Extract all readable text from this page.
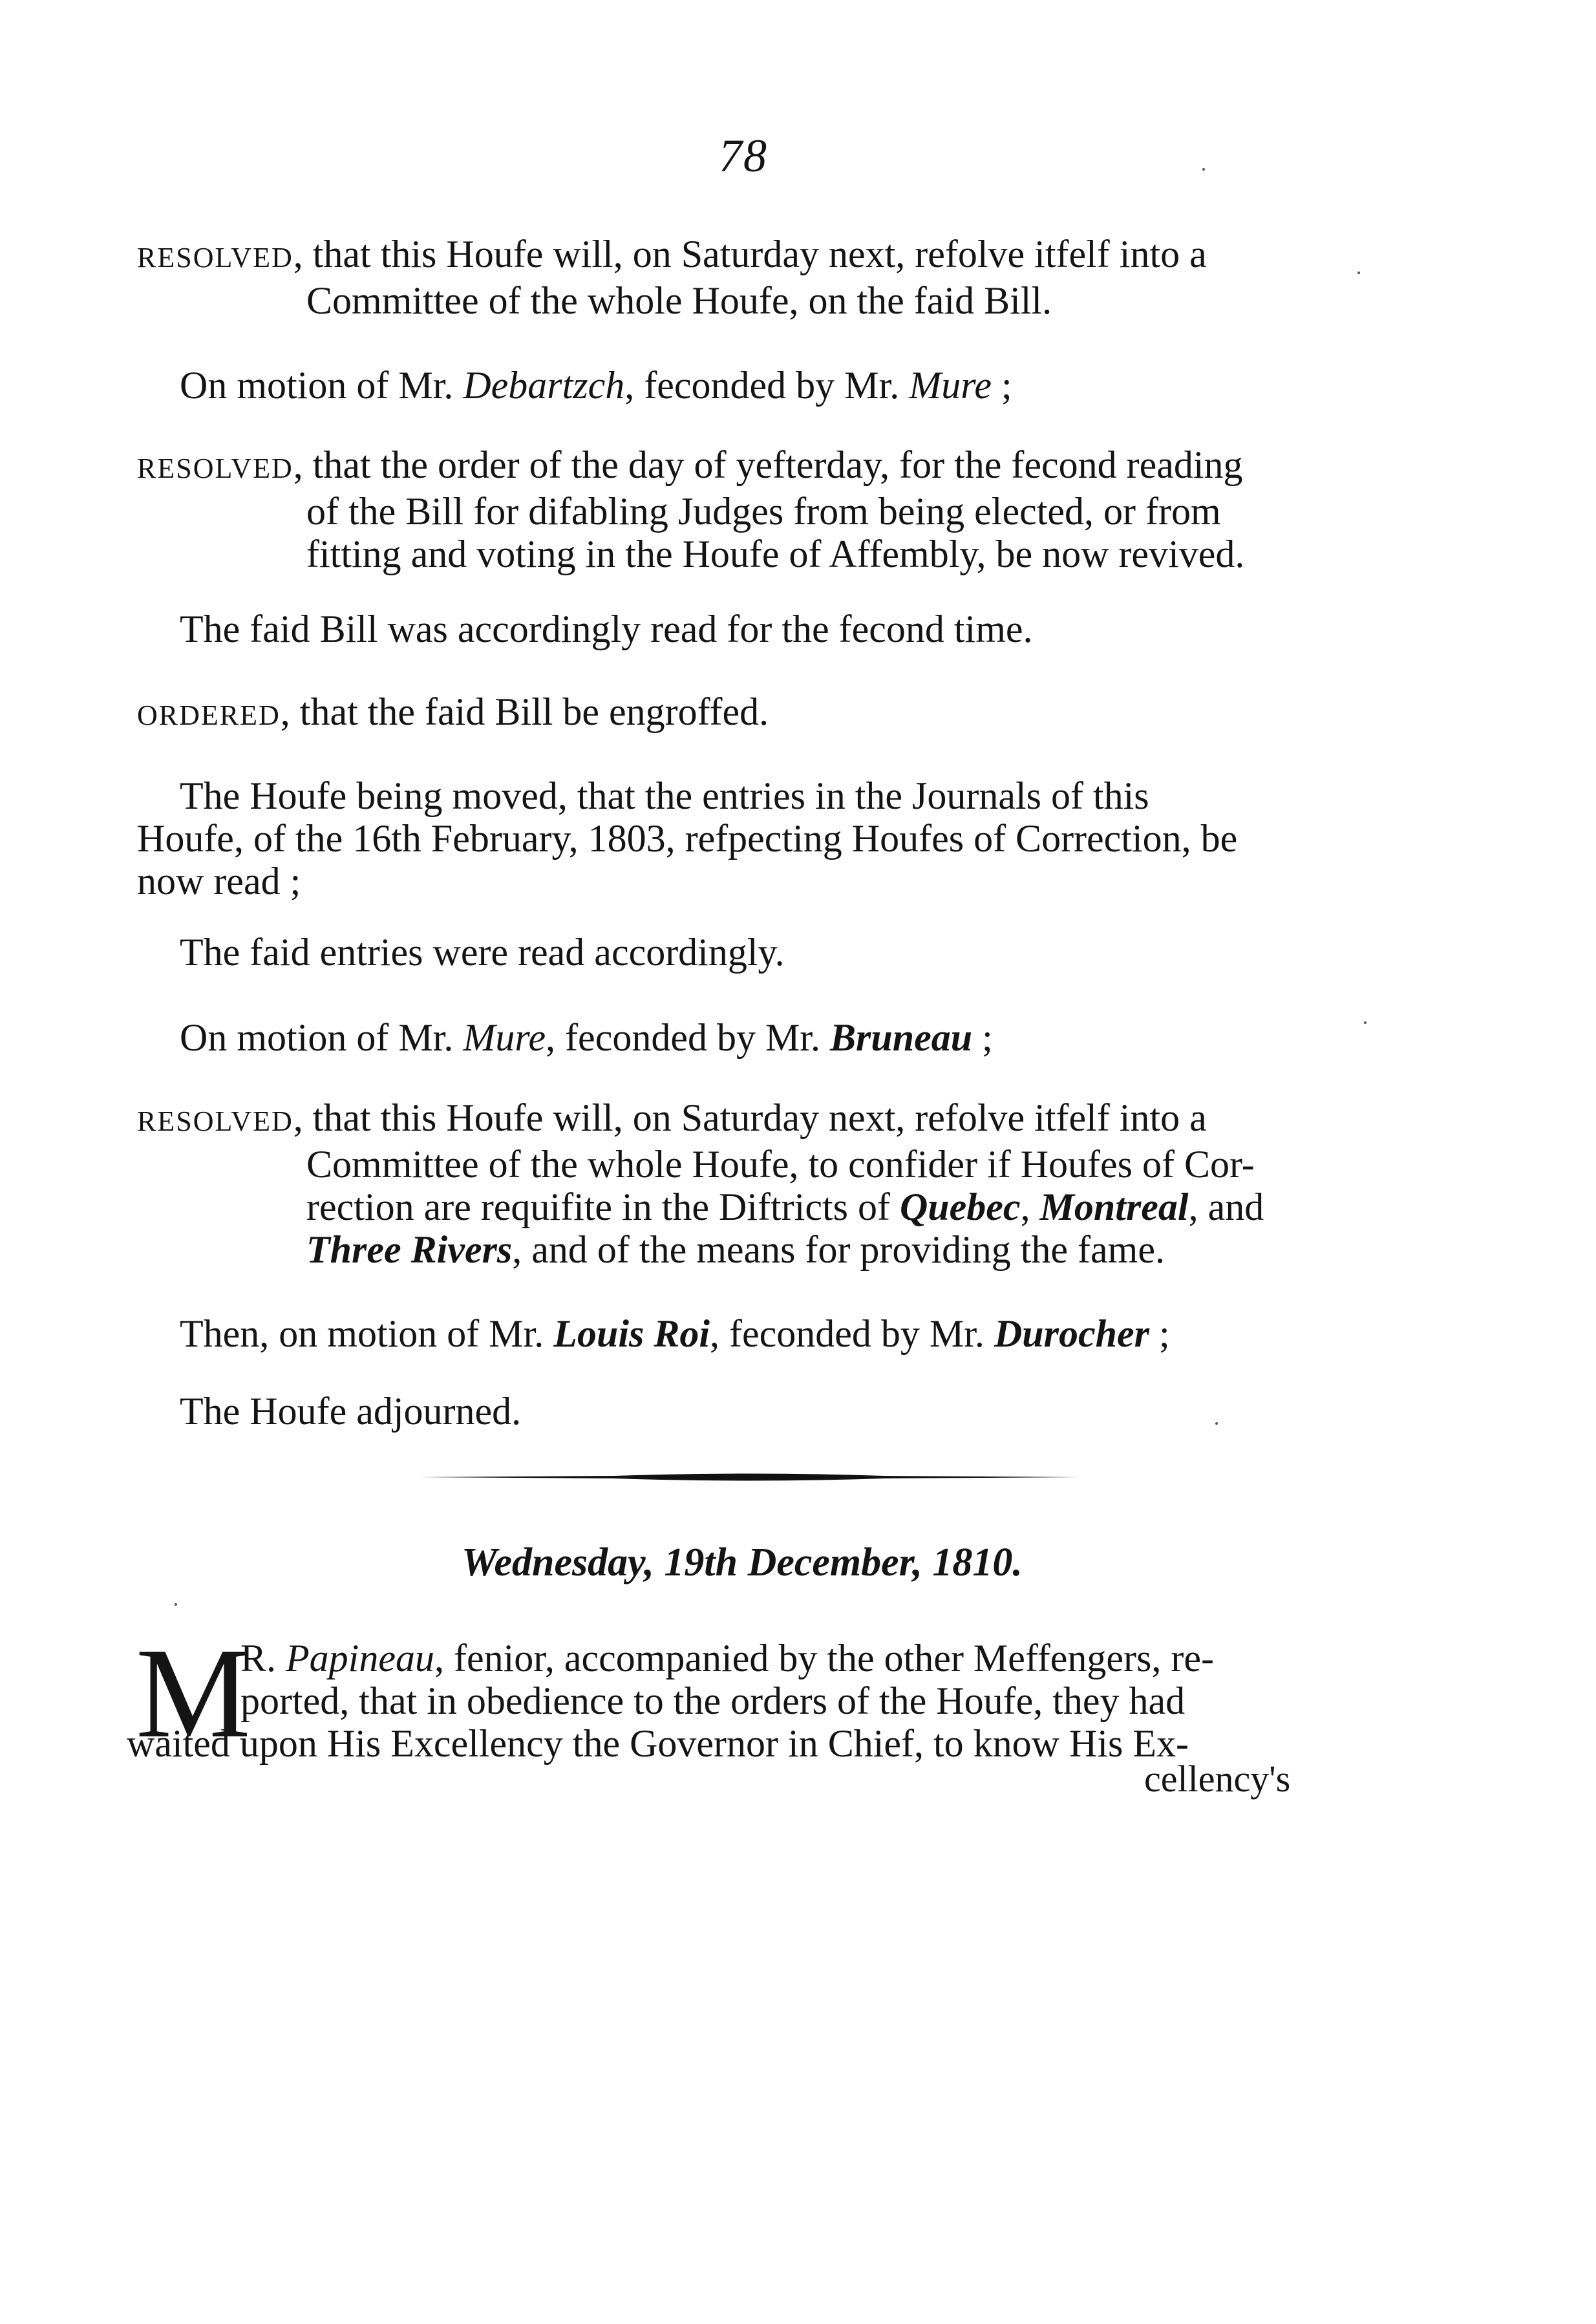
78
RESOLVED, that this Houfe will, on Saturday next, refolve itfelf into a
Committee of the whole Houfe, on the faid Bill.
On motion of Mr. Debartzch, feconded by Mr. Mure ;
RESOLVED, that the order of the day of yefterday, for the fecond reading
of the Bill for difabling Judges from being elected, or from
fitting and voting in the Houfe of Affembly, be now revived.
The faid Bill was accordingly read for the fecond time.
ORDERED, that the faid Bill be engroffed.
The Houfe being moved, that the entries in the Journals of this
Houfe, of the 16th February, 1803, refpecting Houfes of Correction, be
now read ;
The faid entries were read accordingly.
On motion of Mr. Mure, feconded by Mr. Bruneau ;
RESOLVED, that this Houfe will, on Saturday next, refolve itfelf into a
Committee of the whole Houfe, to confider if Houfes of Cor-
rection are requifite in the Diftricts of Quebec, Montreal, and
Three Rivers, and of the means for providing the fame.
Then, on motion of Mr. Louis Roi, feconded by Mr. Durocher ;
The Houfe adjourned.
Wednesday, 19th December, 1810.
M
R. Papineau, fenior, accompanied by the other Meffengers, re-
ported, that in obedience to the orders of the Houfe, they had
waited upon His Excellency the Governor in Chief, to know His Ex-
cellency's
